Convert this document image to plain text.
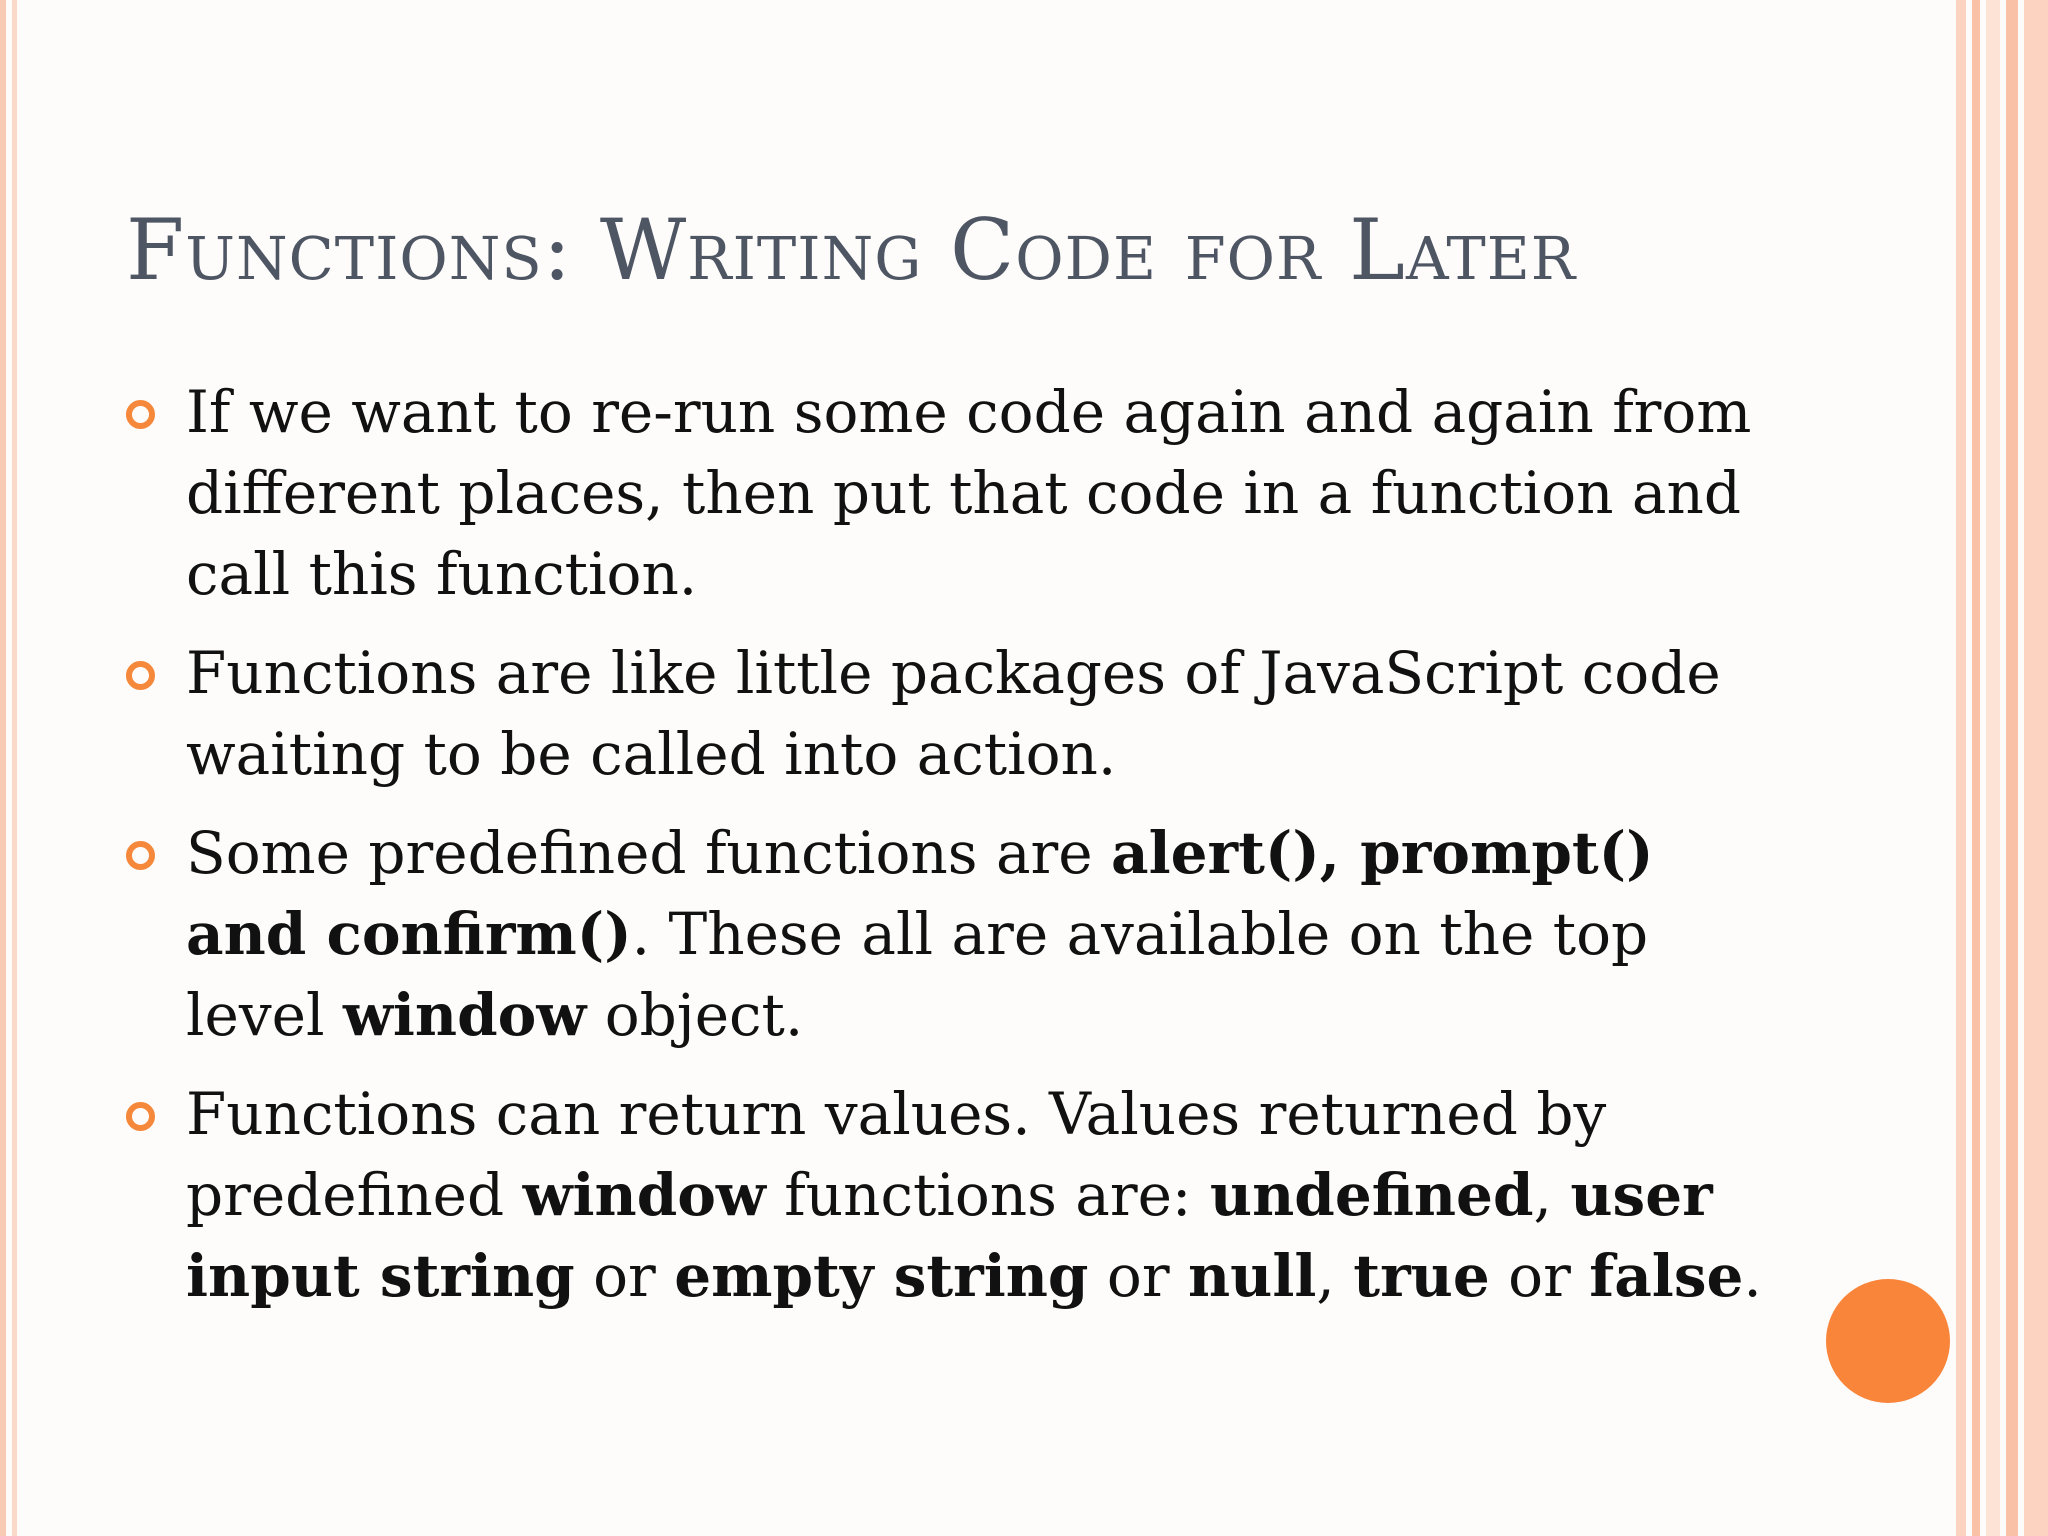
Functions: Writing Code for Later
If we want to re-run some code again and again from different places, then put that code in a function and call this function.
Functions are like little packages of JavaScript code waiting to be called into action.
Some predefined functions are alert(), prompt() and confirm(). These all are available on the top level window object.
Functions can return values. Values returned by predefined window functions are: undefined, user input string or empty string or null, true or false.
